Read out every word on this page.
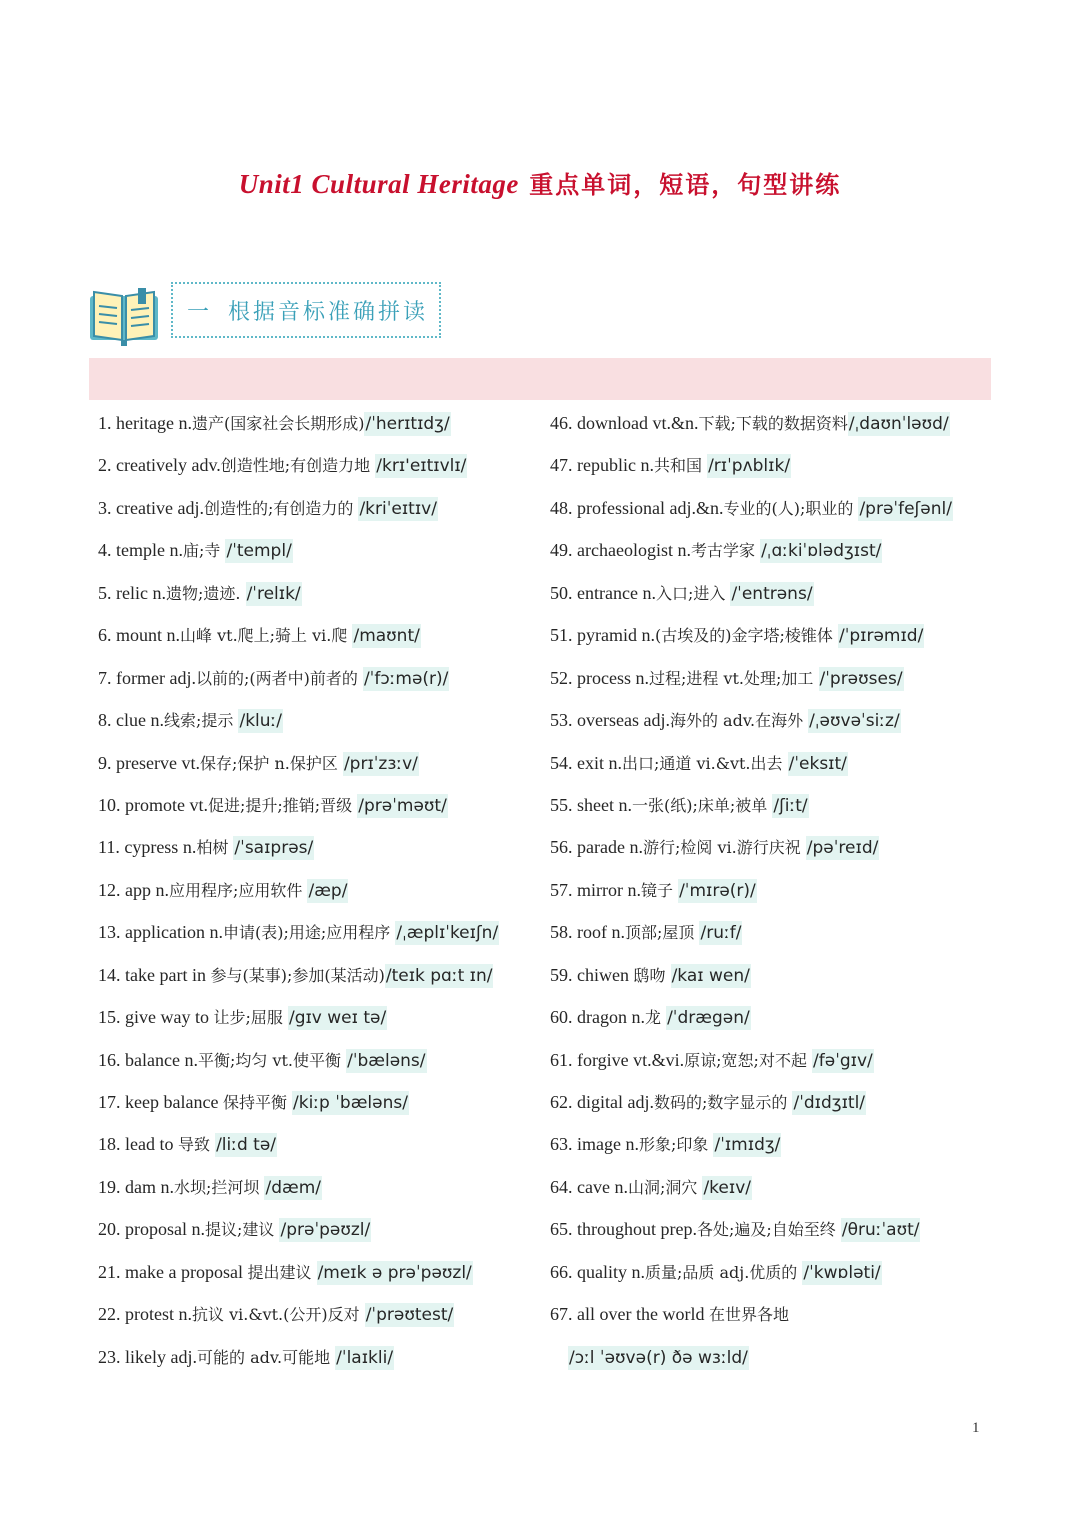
Unit1 Cultural Heritage 重点单词，短语，句型讲练
一 根据音标准确拼读
1. heritage n.遗产(国家社会长期形成)/ˈherɪtɪdʒ/
2. creatively adv.创造性地;有创造力地 /krɪ'eɪtɪvlɪ/
3. creative adj.创造性的;有创造力的 /kriˈeɪtɪv/
4. temple n.庙;寺 /ˈtempl/
5. relic n.遗物;遗迹. /ˈrelɪk/
6. mount n.山峰 vt.爬上;骑上 vi.爬 /maʊnt/
7. former adj.以前的;(两者中)前者的 /ˈfɔːmə(r)/
8. clue n.线索;提示 /kluː/
9. preserve vt.保存;保护 n.保护区 /prɪˈzɜːv/
10. promote vt.促进;提升;推销;晋级 /prəˈməʊt/
11. cypress n.柏树 /ˈsaɪprəs/
12. app n.应用程序;应用软件 /æp/
13. application n.申请(表);用途;应用程序 /ˌæplɪˈkeɪʃn/
14. take part in 参与(某事);参加(某活动)/teɪk pɑːt ɪn/
15. give way to 让步;屈服 /gɪv weɪ tə/
16. balance n.平衡;均匀 vt.使平衡 /ˈbæləns/
17. keep balance 保持平衡 /kiːp ˈbæləns/
18. lead to 导致 /liːd tə/
19. dam n.水坝;拦河坝 /dæm/
20. proposal n.提议;建议 /prəˈpəʊzl/
21. make a proposal 提出建议 /meɪk ə prəˈpəʊzl/
22. protest n.抗议 vi.&vt.(公开)反对 /ˈprəʊtest/
23. likely adj.可能的 adv.可能地 /ˈlaɪkli/
46. download vt.&n.下载;下载的数据资料/ˌdaʊnˈləʊd/
47. republic n.共和国 /rɪˈpʌblɪk/
48. professional adj.&n.专业的(人);职业的 /prəˈfeʃənl/
49. archaeologist n.考古学家 /ˌɑːkiˈɒlədʒɪst/
50. entrance n.入口;进入 /ˈentrəns/
51. pyramid n.(古埃及的)金字塔;棱锥体 /ˈpɪrəmɪd/
52. process n.过程;进程 vt.处理;加工 /ˈprəʊses/
53. overseas adj.海外的 adv.在海外 /ˌəʊvəˈsiːz/
54. exit n.出口;通道 vi.&vt.出去 /ˈeksɪt/
55. sheet n.一张(纸);床单;被单 /ʃiːt/
56. parade n.游行;检阅 vi.游行庆祝 /pəˈreɪd/
57. mirror n.镜子 /ˈmɪrə(r)/
58. roof n.顶部;屋顶 /ruːf/
59. chiwen 鸱吻 /kaɪ wen/
60. dragon n.龙 /ˈdrægən/
61. forgive vt.&vi.原谅;宽恕;对不起 /fəˈgɪv/
62. digital adj.数码的;数字显示的 /ˈdɪdʒɪtl/
63. image n.形象;印象 /ˈɪmɪdʒ/
64. cave n.山洞;洞穴 /keɪv/
65. throughout prep.各处;遍及;自始至终 /θruːˈaʊt/
66. quality n.质量;品质 adj.优质的 /ˈkwɒləti/
67. all over the world 在世界各地
/ɔːl ˈəʊvə(r) ðə wɜːld/
1
